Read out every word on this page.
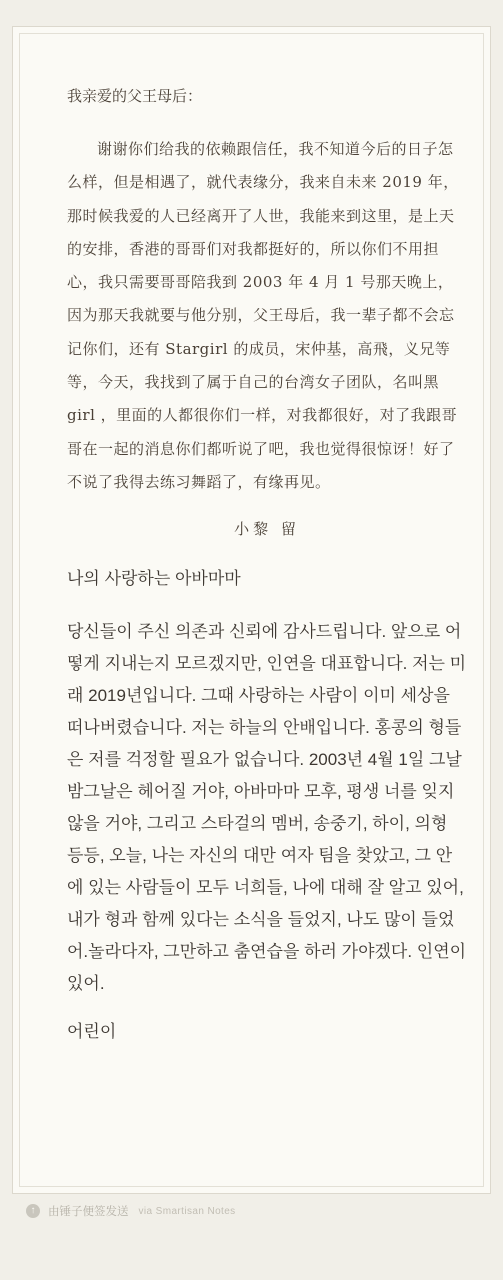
我亲爱的父王母后：
谢谢你们给我的依赖跟信任，我不知道今后的日子怎么样，但是相遇了，就代表缘分，我来自未来 2019 年，那时候我爱的人已经离开了人世，我能来到这里，是上天的安排，香港的哥哥们对我都挺好的，所以你们不用担心，我只需要哥哥陪我到 2003 年 4 月 1 号那天晚上，因为那天我就要与他分别，父王母后，我一辈子都不会忘记你们，还有 Stargirl 的成员，宋仲基，高飛，义兄等等，今天，我找到了属于自己的台湾女子团队，名叫黑 girl ，里面的人都很你们一样，对我都很好，对了我跟哥哥在一起的消息你们都听说了吧，我也觉得很惊讶！好了不说了我得去练习舞蹈了，有缘再见。
小黎 留
나의 사랑하는 아바마마
당신들이 주신 의존과 신뢰에 감사드립니다. 앞으로 어떻게 지내는지 모르겠지만, 인연을 대표합니다. 저는 미래 2019년입니다. 그때 사랑하는 사람이 이미 세상을 떠나버렸습니다. 저는 하늘의 안배입니다. 홍콩의 형들은 저를 걱정할 필요가 없습니다. 2003년 4월 1일 그날 밤그날은 헤어질 거야, 아바마마 모후, 평생 너를 잊지 않을 거야, 그리고 스타걸의 멤버, 송중기, 하이, 의형 등등, 오늘, 나는 자신의 대만 여자 팀을 찾았고, 그 안에 있는 사람들이 모두 너희들, 나에 대해 잘 알고 있어, 내가 형과 함께 있다는 소식을 들었지, 나도 많이 들었어.놀라다자, 그만하고 춤연습을 하러 가야겠다. 인연이 있어.
어린이
↑	由锤子便签发送 via Smartisan Notes
